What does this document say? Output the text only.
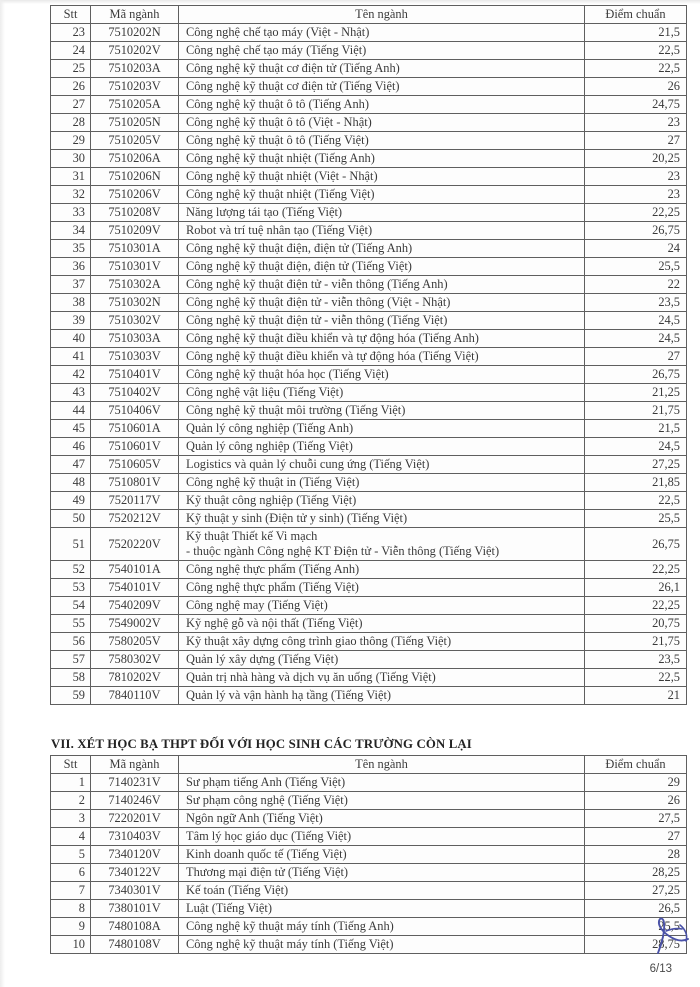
Stt	Mã ngành	Tên ngành	Điểm chuẩn
23	7510202N	Công nghệ chế tạo máy (Việt - Nhật)	21,5
24	7510202V	Công nghệ chế tạo máy (Tiếng Việt)	22,5
25	7510203A	Công nghệ kỹ thuật cơ điện tử (Tiếng Anh)	22,5
26	7510203V	Công nghệ kỹ thuật cơ điện tử (Tiếng Việt)	26
27	7510205A	Công nghệ kỹ thuật ô tô (Tiếng Anh)	24,75
28	7510205N	Công nghệ kỹ thuật ô tô (Việt - Nhật)	23
29	7510205V	Công nghệ kỹ thuật ô tô (Tiếng Việt)	27
30	7510206A	Công nghệ kỹ thuật nhiệt (Tiếng Anh)	20,25
31	7510206N	Công nghệ kỹ thuật nhiệt (Việt - Nhật)	23
32	7510206V	Công nghệ kỹ thuật nhiệt (Tiếng Việt)	23
33	7510208V	Năng lượng tái tạo (Tiếng Việt)	22,25
34	7510209V	Robot và trí tuệ nhân tạo (Tiếng Việt)	26,75
35	7510301A	Công nghệ kỹ thuật điện, điện tử (Tiếng Anh)	24
36	7510301V	Công nghệ kỹ thuật điện, điện tử (Tiếng Việt)	25,5
37	7510302A	Công nghệ kỹ thuật điện tử - viễn thông (Tiếng Anh)	22
38	7510302N	Công nghệ kỹ thuật điện tử - viễn thông (Việt - Nhật)	23,5
39	7510302V	Công nghệ kỹ thuật điện tử - viễn thông (Tiếng Việt)	24,5
40	7510303A	Công nghệ kỹ thuật điều khiển và tự động hóa (Tiếng Anh)	24,5
41	7510303V	Công nghệ kỹ thuật điều khiển và tự động hóa (Tiếng Việt)	27
42	7510401V	Công nghệ kỹ thuật hóa học (Tiếng Việt)	26,75
43	7510402V	Công nghệ vật liệu (Tiếng Việt)	21,25
44	7510406V	Công nghệ kỹ thuật môi trường (Tiếng Việt)	21,75
45	7510601A	Quản lý công nghiệp (Tiếng Anh)	21,5
46	7510601V	Quản lý công nghiệp (Tiếng Việt)	24,5
47	7510605V	Logistics và quản lý chuỗi cung ứng (Tiếng Việt)	27,25
48	7510801V	Công nghệ kỹ thuật in (Tiếng Việt)	21,85
49	7520117V	Kỹ thuật công nghiệp (Tiếng Việt)	22,5
50	7520212V	Kỹ thuật y sinh (Điện tử y sinh) (Tiếng Việt)	25,5
51	7520220V	Kỹ thuật Thiết kế Vi mạch
- thuộc ngành Công nghệ KT Điện tử - Viễn thông (Tiếng Việt)	26,75
52	7540101A	Công nghệ thực phẩm (Tiếng Anh)	22,25
53	7540101V	Công nghệ thực phẩm (Tiếng Việt)	26,1
54	7540209V	Công nghệ may (Tiếng Việt)	22,25
55	7549002V	Kỹ nghệ gỗ và nội thất (Tiếng Việt)	20,75
56	7580205V	Kỹ thuật xây dựng công trình giao thông (Tiếng Việt)	21,75
57	7580302V	Quản lý xây dựng (Tiếng Việt)	23,5
58	7810202V	Quản trị nhà hàng và dịch vụ ăn uống (Tiếng Việt)	22,5
59	7840110V	Quản lý và vận hành hạ tầng (Tiếng Việt)	21
VII. XÉT HỌC BẠ THPT ĐỐI VỚI HỌC SINH CÁC TRƯỜNG CÒN LẠI
Stt	Mã ngành	Tên ngành	Điểm chuẩn
1	7140231V	Sư phạm tiếng Anh (Tiếng Việt)	29
2	7140246V	Sư phạm công nghệ (Tiếng Việt)	26
3	7220201V	Ngôn ngữ Anh (Tiếng Việt)	27,5
4	7310403V	Tâm lý học giáo dục (Tiếng Việt)	27
5	7340120V	Kinh doanh quốc tế (Tiếng Việt)	28
6	7340122V	Thương mại điện tử (Tiếng Việt)	28,25
7	7340301V	Kế toán (Tiếng Việt)	27,25
8	7380101V	Luật (Tiếng Việt)	26,5
9	7480108A	Công nghệ kỹ thuật máy tính (Tiếng Anh)	25,5
10	7480108V	Công nghệ kỹ thuật máy tính (Tiếng Việt)	28,75
6/13
